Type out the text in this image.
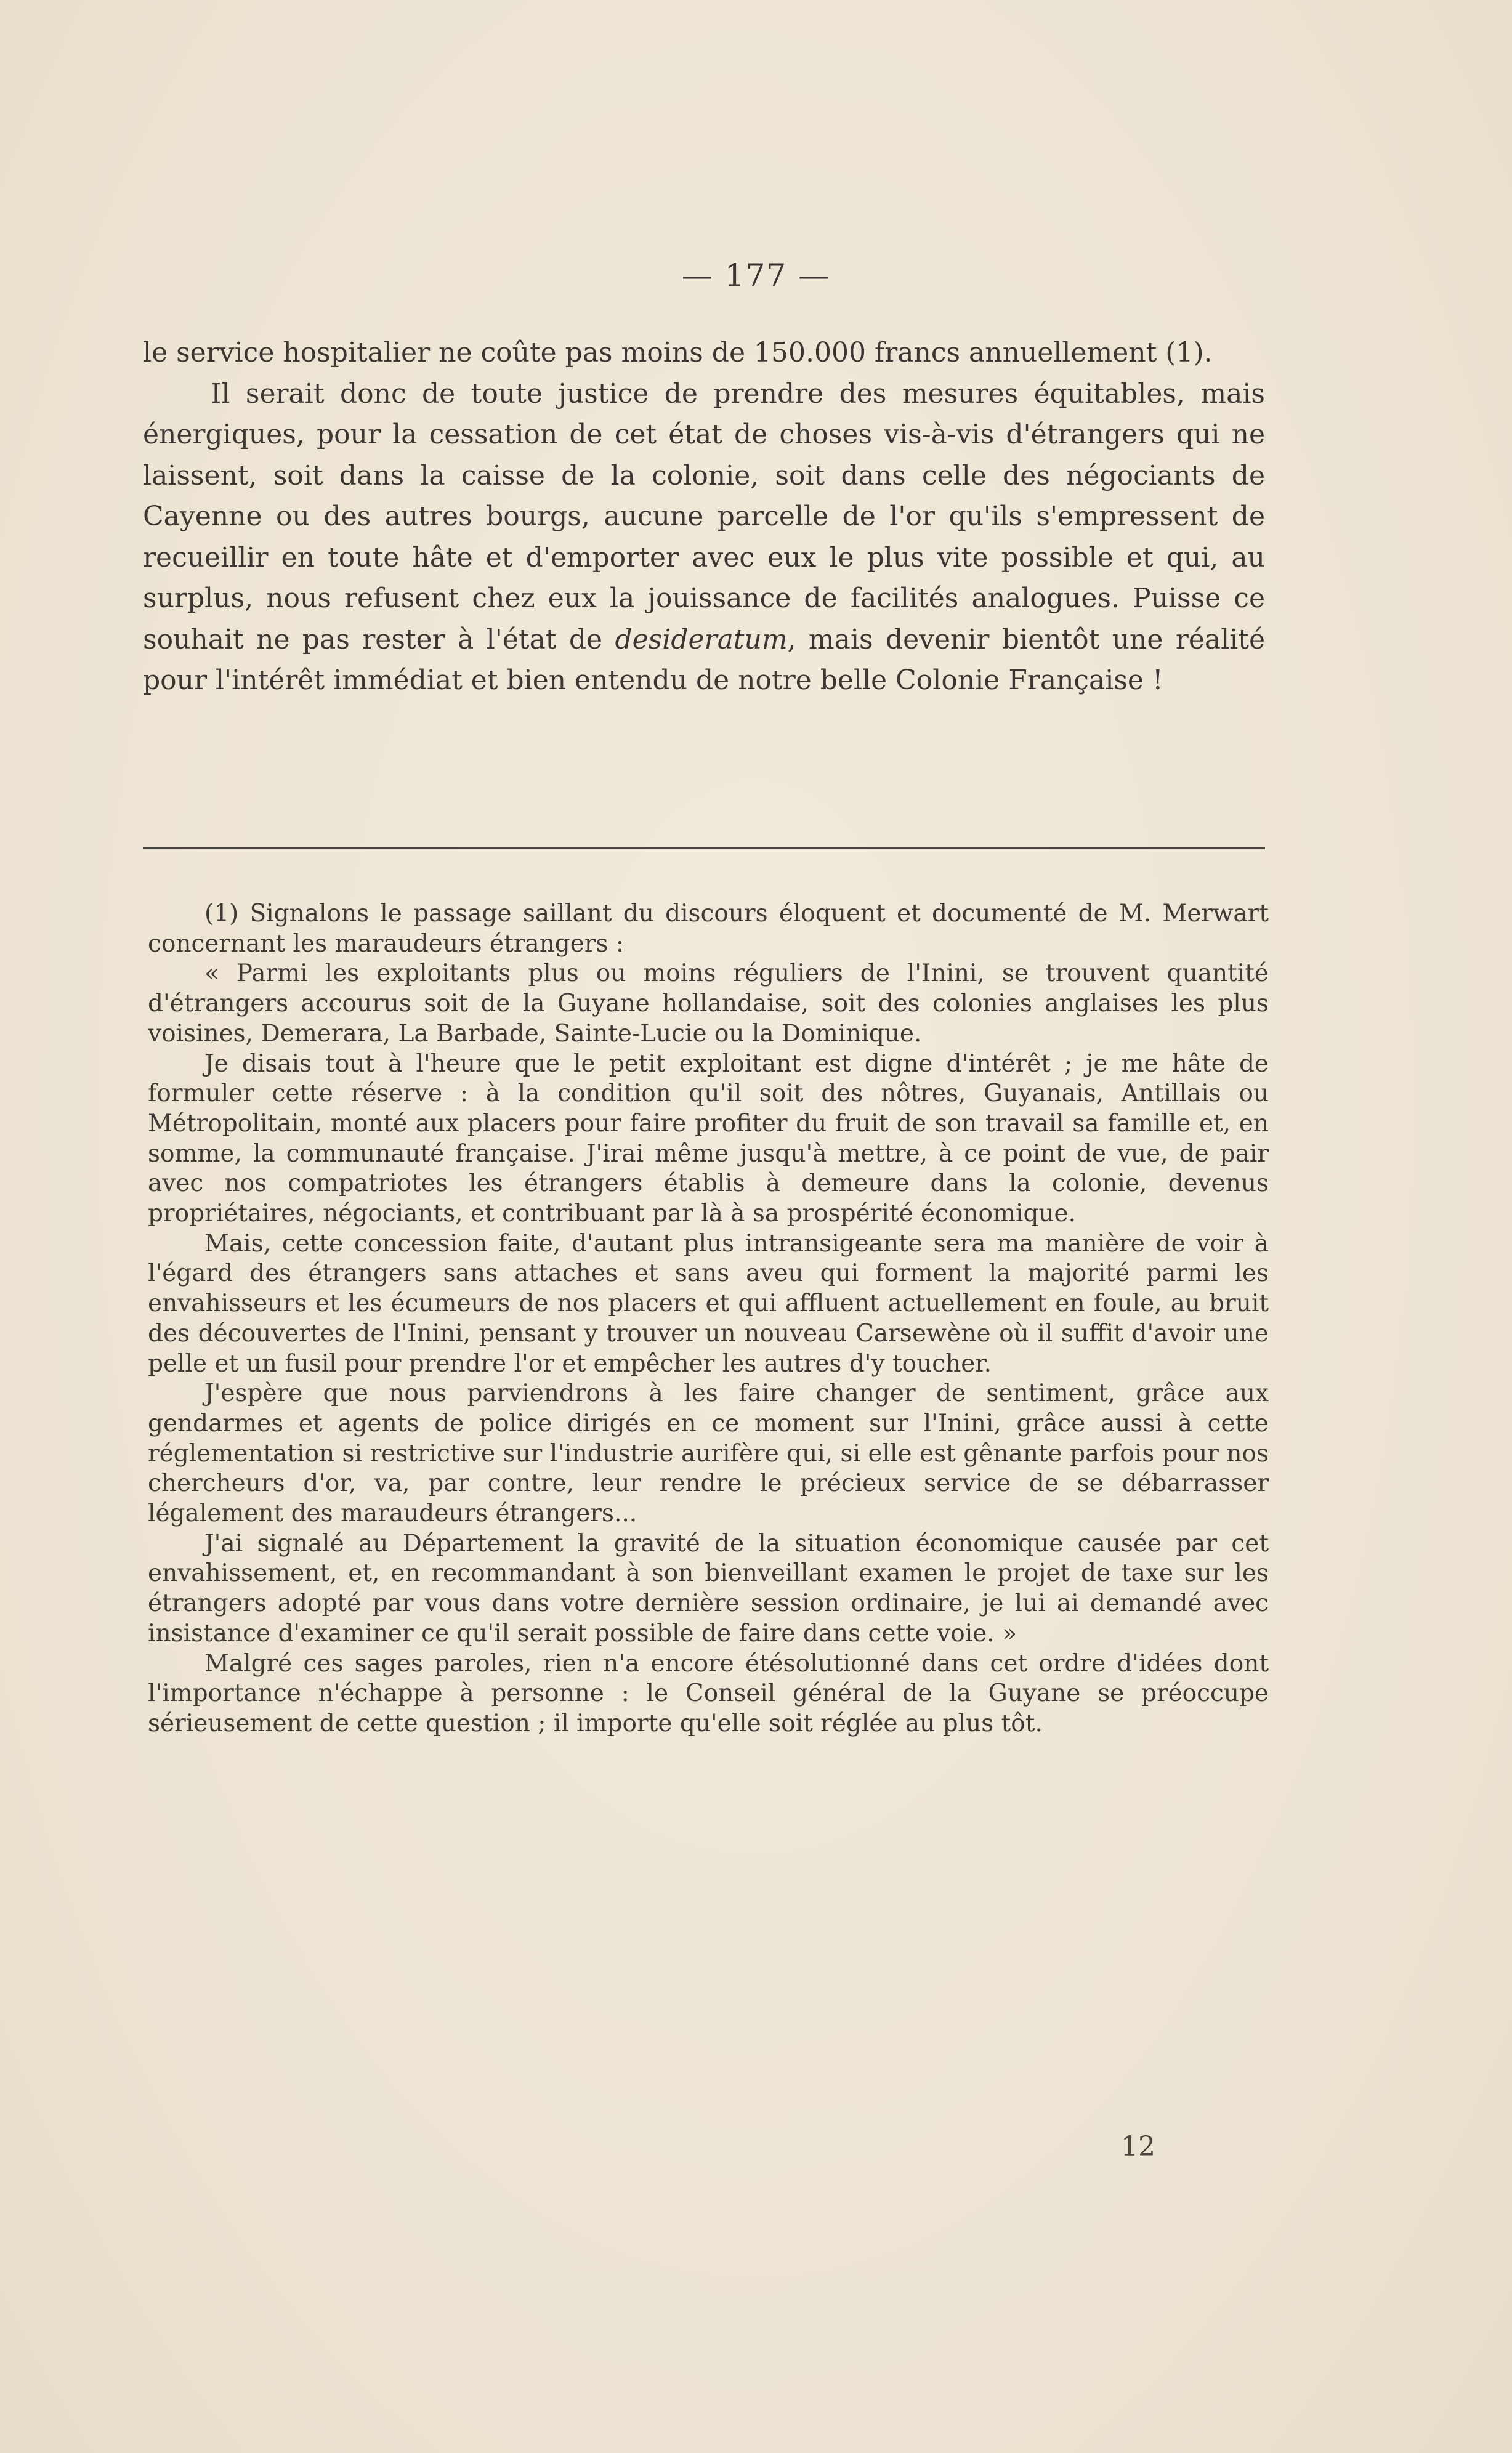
— 177 —

le service hospitalier ne coûte pas moins de 150.000 francs annuellement (1).

Il serait donc de toute justice de prendre des mesures équitables, mais énergiques, pour la cessation de cet état de choses vis-à-vis d'étrangers qui ne laissent, soit dans la caisse de la colonie, soit dans celle des négociants de Cayenne ou des autres bourgs, aucune parcelle de l'or qu'ils s'empressent de recueillir en toute hâte et d'emporter avec eux le plus vite possible et qui, au surplus, nous refusent chez eux la jouissance de facilités analogues. Puisse ce souhait ne pas rester à l'état de desideratum, mais devenir bientôt une réalité pour l'intérêt immédiat et bien entendu de notre belle Colonie Française !

(1) Signalons le passage saillant du discours éloquent et documenté de M. Merwart concernant les maraudeurs étrangers :

« Parmi les exploitants plus ou moins réguliers de l'Inini, se trouvent quantité d'étrangers accourus soit de la Guyane hollandaise, soit des colonies anglaises les plus voisines, Demerara, La Barbade, Sainte-Lucie ou la Dominique.

Je disais tout à l'heure que le petit exploitant est digne d'intérêt ; je me hâte de formuler cette réserve : à la condition qu'il soit des nôtres, Guyanais, Antillais ou Métropolitain, monté aux placers pour faire profiter du fruit de son travail sa famille et, en somme, la communauté française. J'irai même jusqu'à mettre, à ce point de vue, de pair avec nos compatriotes les étrangers établis à demeure dans la colonie, devenus propriétaires, négociants, et contribuant par là à sa prospérité économique.

Mais, cette concession faite, d'autant plus intransigeante sera ma manière de voir à l'égard des étrangers sans attaches et sans aveu qui forment la majorité parmi les envahisseurs et les écumeurs de nos placers et qui affluent actuellement en foule, au bruit des découvertes de l'Inini, pensant y trouver un nouveau Carsewène où il suffit d'avoir une pelle et un fusil pour prendre l'or et empêcher les autres d'y toucher.

J'espère que nous parviendrons à les faire changer de sentiment, grâce aux gendarmes et agents de police dirigés en ce moment sur l'Inini, grâce aussi à cette réglementation si restrictive sur l'industrie aurifère qui, si elle est gênante parfois pour nos chercheurs d'or, va, par contre, leur rendre le précieux service de se débarrasser légalement des maraudeurs étrangers...

J'ai signalé au Département la gravité de la situation économique causée par cet envahissement, et, en recommandant à son bienveillant examen le projet de taxe sur les étrangers adopté par vous dans votre dernière session ordinaire, je lui ai demandé avec insistance d'examiner ce qu'il serait possible de faire dans cette voie. »

Malgré ces sages paroles, rien n'a encore étésolutionné dans cet ordre d'idées dont l'importance n'échappe à personne : le Conseil général de la Guyane se préoccupe sérieusement de cette question ; il importe qu'elle soit réglée au plus tôt.

12
